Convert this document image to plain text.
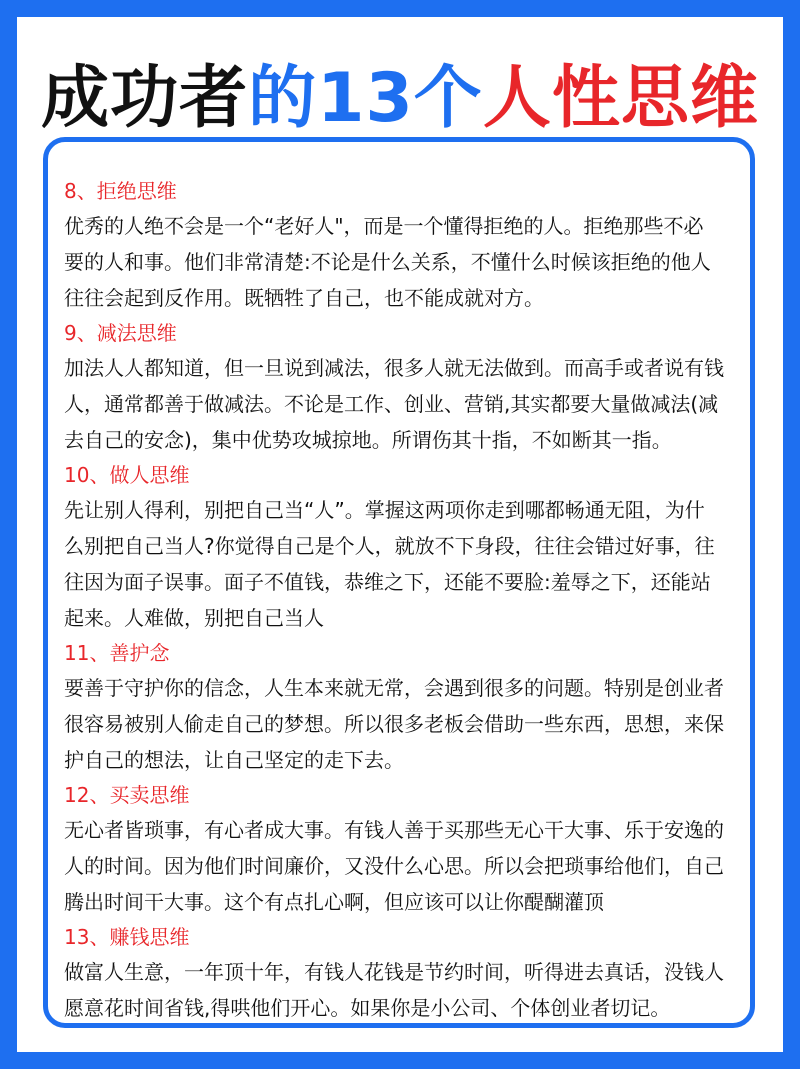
成功者的13个人性思维
8、拒绝思维
优秀的人绝不会是一个“老好人"，而是一个懂得拒绝的人。拒绝那些不必
要的人和事。他们非常清楚:不论是什么关系，不懂什么时候该拒绝的他人
往往会起到反作用。既牺牲了自己，也不能成就对方。
9、减法思维
加法人人都知道，但一旦说到减法，很多人就无法做到。而高手或者说有钱
人，通常都善于做减法。不论是工作、创业、营销,其实都要大量做减法(减
去自己的安念)，集中优势攻城掠地。所谓伤其十指，不如断其一指。
10、做人思维
先让别人得利，别把自己当“人”。掌握这两项你走到哪都畅通无阻，为什
么别把自己当人?你觉得自己是个人，就放不下身段，往往会错过好事，往
往因为面子误事。面子不值钱，恭维之下，还能不要脸:羞辱之下，还能站
起来。人难做，别把自己当人
11、善护念
要善于守护你的信念，人生本来就无常，会遇到很多的问题。特别是创业者
很容易被别人偷走自己的梦想。所以很多老板会借助一些东西，思想，来保
护自己的想法，让自己坚定的走下去。
12、买卖思维
无心者皆琐事，有心者成大事。有钱人善于买那些无心干大事、乐于安逸的
人的时间。因为他们时间廉价，又没什么心思。所以会把琐事给他们，自己
腾出时间干大事。这个有点扎心啊，但应该可以让你醍醐灌顶
13、赚钱思维
做富人生意，一年顶十年，有钱人花钱是节约时间，听得进去真话，没钱人
愿意花时间省钱,得哄他们开心。如果你是小公司、个体创业者切记。
